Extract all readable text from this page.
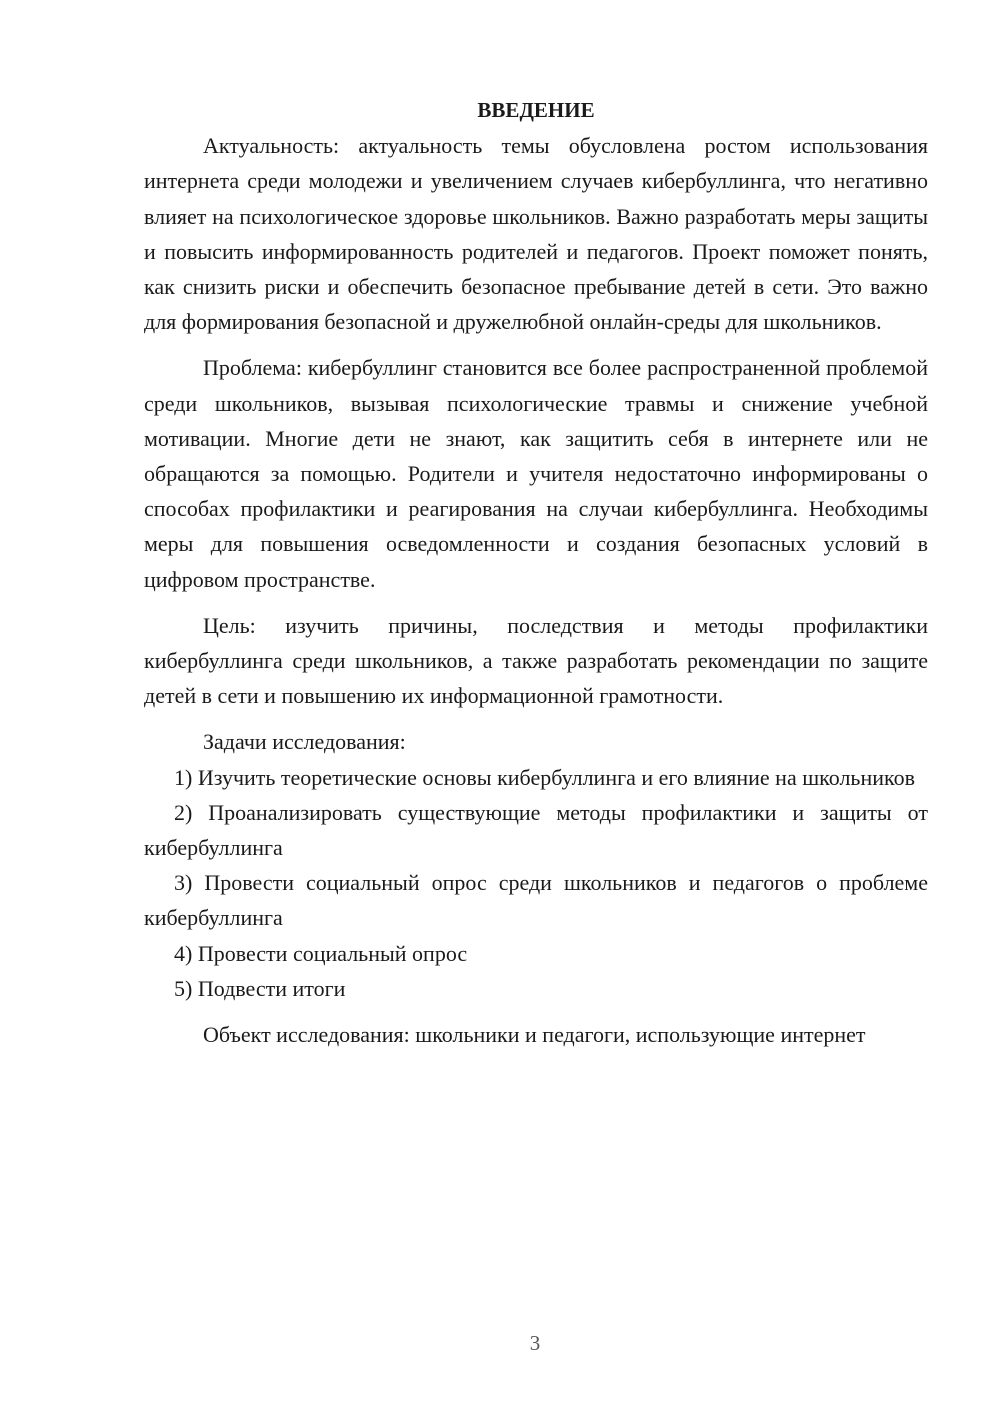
ВВЕДЕНИЕ

Актуальность: актуальность темы обусловлена ростом использования интернета среди молодежи и увеличением случаев кибербуллинга, что негативно влияет на психологическое здоровье школьников. Важно разработать меры защиты и повысить информированность родителей и педагогов. Проект поможет понять, как снизить риски и обеспечить безопасное пребывание детей в сети. Это важно для формирования безопасной и дружелюбной онлайн-среды для школьников.

Проблема: кибербуллинг становится все более распространенной проблемой среди школьников, вызывая психологические травмы и снижение учебной мотивации. Многие дети не знают, как защитить себя в интернете или не обращаются за помощью. Родители и учителя недостаточно информированы о способах профилактики и реагирования на случаи кибербуллинга. Необходимы меры для повышения осведомленности и создания безопасных условий в цифровом пространстве.

Цель: изучить причины, последствия и методы профилактики кибербуллинга среди школьников, а также разработать рекомендации по защите детей в сети и повышению их информационной грамотности.

Задачи исследования:

1) Изучить теоретические основы кибербуллинга и его влияние на школьников

2) Проанализировать существующие методы профилактики и защиты от кибербуллинга

3) Провести социальный опрос среди школьников и педагогов о проблеме кибербуллинга

4) Провести социальный опрос

5) Подвести итоги

Объект исследования: школьники и педагоги, использующие интернет

3
